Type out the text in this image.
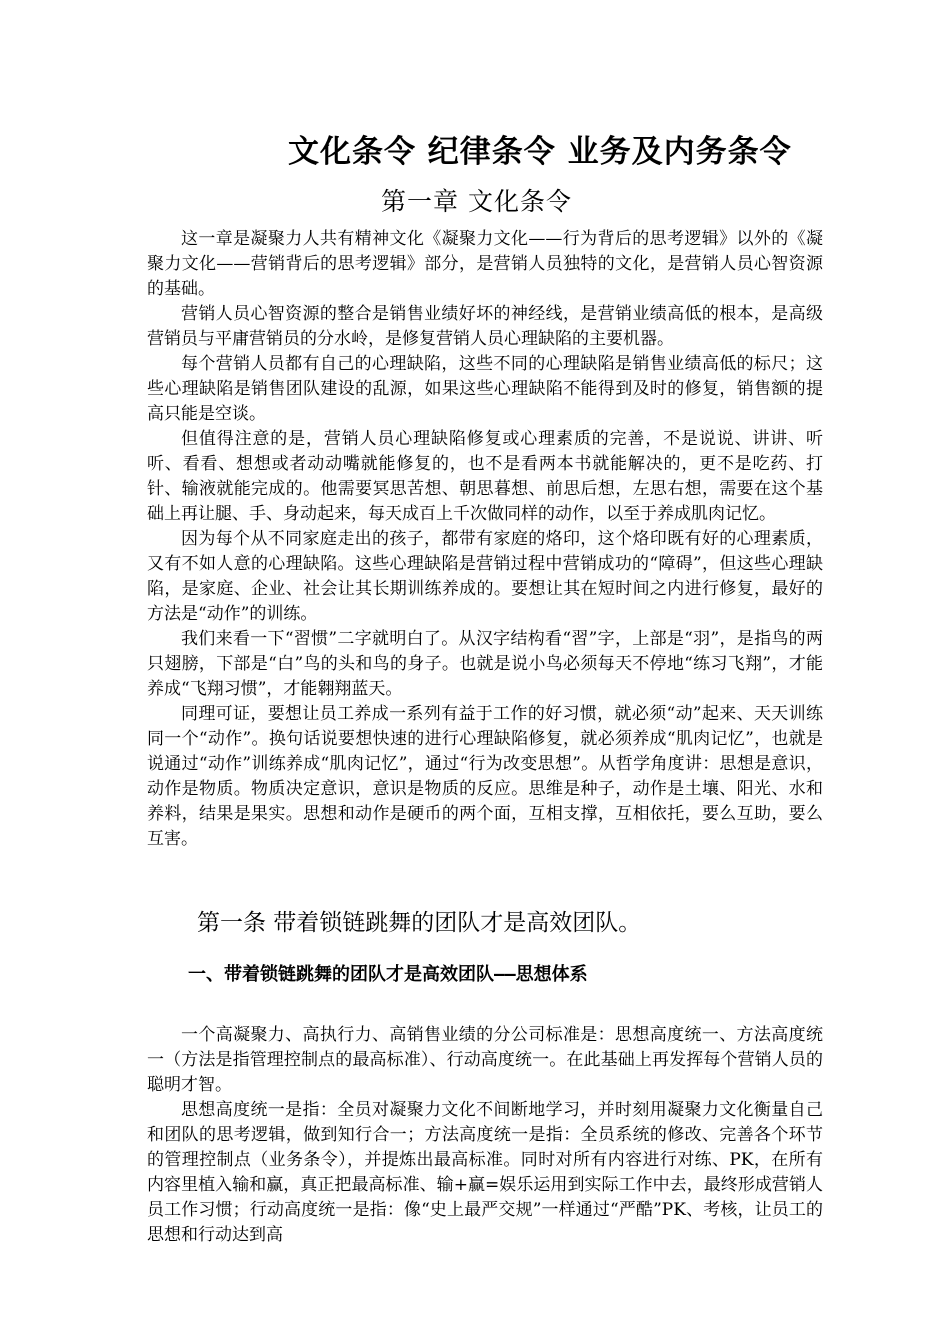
文化条令 纪律条令 业务及内务条令
第一章 文化条令

这一章是凝聚力人共有精神文化《凝聚力文化——行为背后的思考逻辑》以外的《凝聚力文化——营销背后的思考逻辑》部分，是营销人员独特的文化，是营销人员心智资源的基础。

营销人员心智资源的整合是销售业绩好坏的神经线，是营销业绩高低的根本，是高级营销员与平庸营销员的分水岭，是修复营销人员心理缺陷的主要机器。

每个营销人员都有自己的心理缺陷，这些不同的心理缺陷是销售业绩高低的标尺；这些心理缺陷是销售团队建设的乱源，如果这些心理缺陷不能得到及时的修复，销售额的提高只能是空谈。

但值得注意的是，营销人员心理缺陷修复或心理素质的完善，不是说说、讲讲、听听、看看、想想或者动动嘴就能修复的，也不是看两本书就能解决的，更不是吃药、打针、输液就能完成的。他需要冥思苦想、朝思暮想、前思后想，左思右想，需要在这个基础上再让腿、手、身动起来，每天成百上千次做同样的动作，以至于养成肌肉记忆。

因为每个从不同家庭走出的孩子，都带有家庭的烙印，这个烙印既有好的心理素质，又有不如人意的心理缺陷。这些心理缺陷是营销过程中营销成功的“障碍”，但这些心理缺陷，是家庭、企业、社会让其长期训练养成的。要想让其在短时间之内进行修复，最好的方法是“动作”的训练。

我们来看一下“習惯”二字就明白了。从汉字结构看“習”字，上部是“羽”，是指鸟的两只翅膀，下部是“白”鸟的头和鸟的身子。也就是说小鸟必须每天不停地“练习飞翔”，才能养成“飞翔习惯”，才能翱翔蓝天。

同理可证，要想让员工养成一系列有益于工作的好习惯，就必须“动”起来、天天训练同一个“动作”。换句话说要想快速的进行心理缺陷修复，就必须养成“肌肉记忆”，也就是说通过“动作”训练养成“肌肉记忆”，通过“行为改变思想”。从哲学角度讲：思想是意识，动作是物质。物质决定意识，意识是物质的反应。思维是种子，动作是土壤、阳光、水和养料，结果是果实。思想和动作是硬币的两个面，互相支撑，互相依托，要么互助，要么互害。

第一条 带着锁链跳舞的团队才是高效团队。
一、带着锁链跳舞的团队才是高效团队——思想体系

一个高凝聚力、高执行力、高销售业绩的分公司标准是：思想高度统一、方法高度统一（方法是指管理控制点的最高标准）、行动高度统一。在此基础上再发挥每个营销人员的聪明才智。

思想高度统一是指：全员对凝聚力文化不间断地学习，并时刻用凝聚力文化衡量自己和团队的思考逻辑，做到知行合一；方法高度统一是指：全员系统的修改、完善各个环节的管理控制点（业务条令），并提炼出最高标准。同时对所有内容进行对练、PK，在所有内容里植入输和赢，真正把最高标准、输+赢=娱乐运用到实际工作中去，最终形成营销人员工作习惯；行动高度统一是指：像“史上最严交规”一样通过“严酷”PK、考核，让员工的思想和行动达到高
